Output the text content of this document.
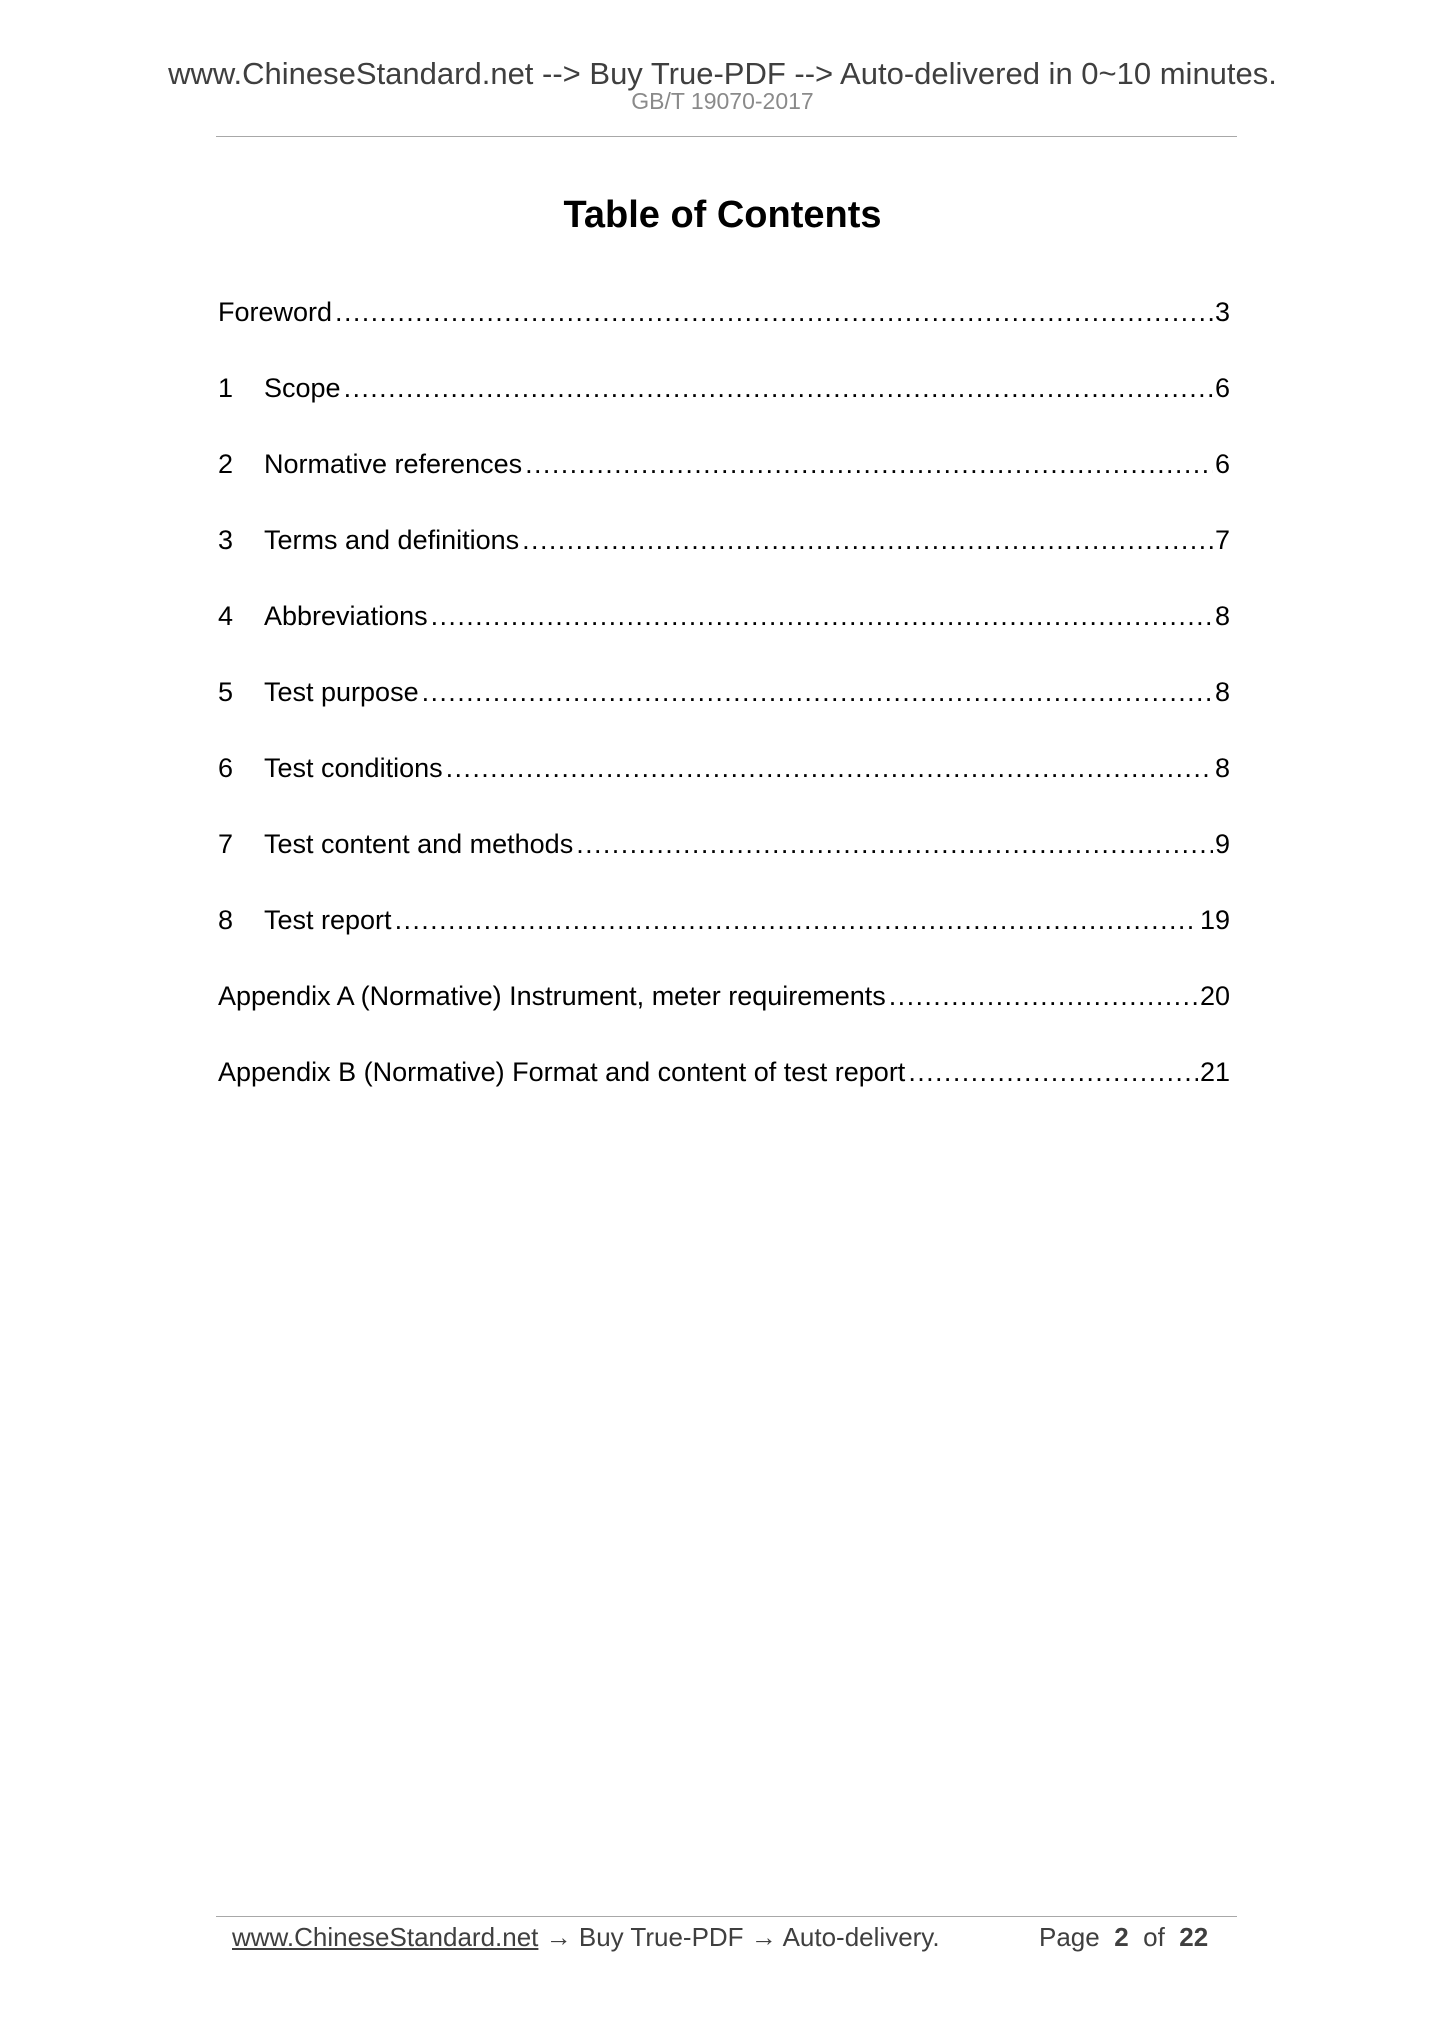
www.ChineseStandard.net --> Buy True-PDF --> Auto-delivered in 0~10 minutes.
GB/T 19070-2017
Table of Contents
Foreword .....	3
1	Scope .....	6
2	Normative references .....	6
3	Terms and definitions .....	7
4	Abbreviations .....	8
5	Test purpose .....	8
6	Test conditions .....	8
7	Test content and methods .....	9
8	Test report .....	19
Appendix A (Normative) Instrument, meter requirements .....	20
Appendix B (Normative) Format and content of test report .....	21
www.ChineseStandard.net → Buy True-PDF → Auto-delivery.	Page 2 of 22
